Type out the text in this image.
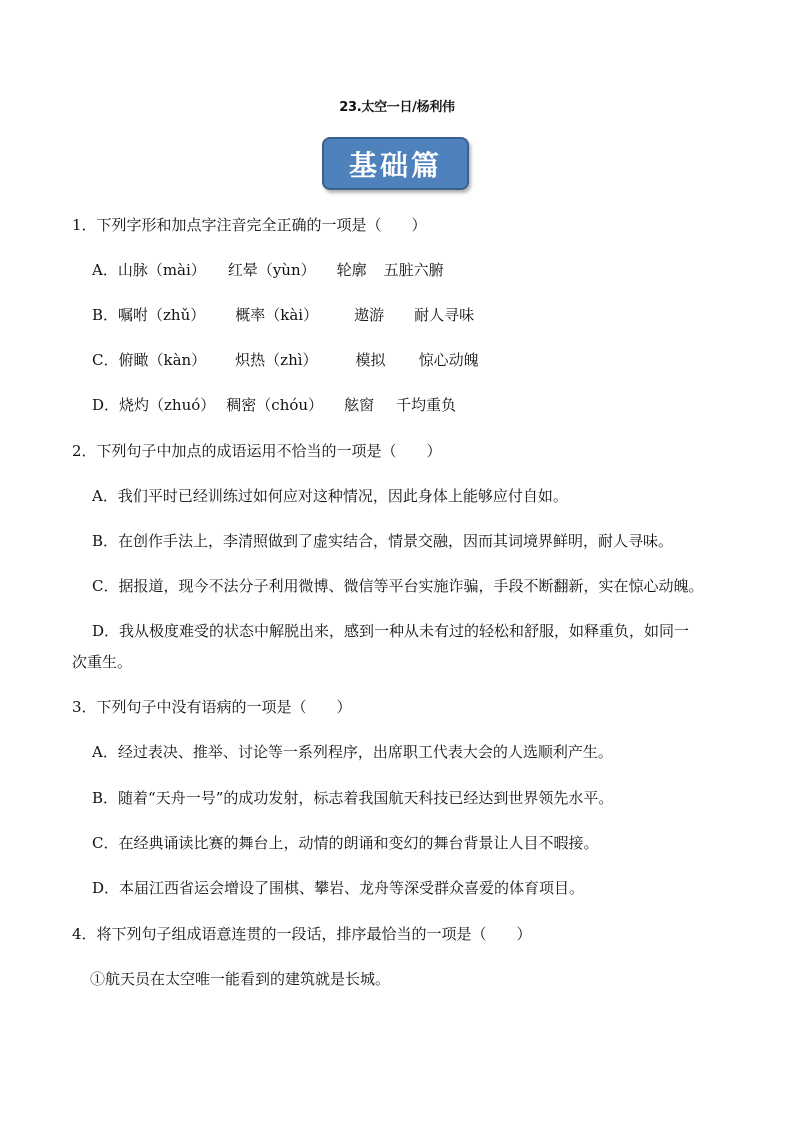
23.太空一日/杨利伟
基础篇
1．下列字形和加点字注音完全正确的一项是（　　）
A．山脉（mài） 红晕（yùn） 轮廓 五脏六腑
B．嘱咐（zhǔ） 概率（kài） 遨游 耐人寻味
C．俯瞰（kàn） 炽热（zhì）	模拟 惊心动魄
D．烧灼（zhuó） 稠密（chóu） 舷窗 千均重负
2．下列句子中加点的成语运用不恰当的一项是（　　）
A．我们平时已经训练过如何应对这种情况，因此身体上能够应付自如。
B．在创作手法上，李清照做到了虚实结合，情景交融，因而其词境界鲜明，耐人寻味。
C．据报道，现今不法分子利用微博、微信等平台实施诈骗，手段不断翻新，实在惊心动魄。
D．我从极度难受的状态中解脱出来，感到一种从未有过的轻松和舒服，如释重负，如同一
次重生。
3．下列句子中没有语病的一项是（　　）
A．经过表决、推举、讨论等一系列程序，出席职工代表大会的人选顺利产生。
B．随着“天舟一号”的成功发射，标志着我国航天科技已经达到世界领先水平。
C．在经典诵读比赛的舞台上，动情的朗诵和变幻的舞台背景让人目不暇接。
D．本届江西省运会增设了围棋、攀岩、龙舟等深受群众喜爱的体育项目。
4．将下列句子组成语意连贯的一段话，排序最恰当的一项是（　　）
①航天员在太空唯一能看到的建筑就是长城。
